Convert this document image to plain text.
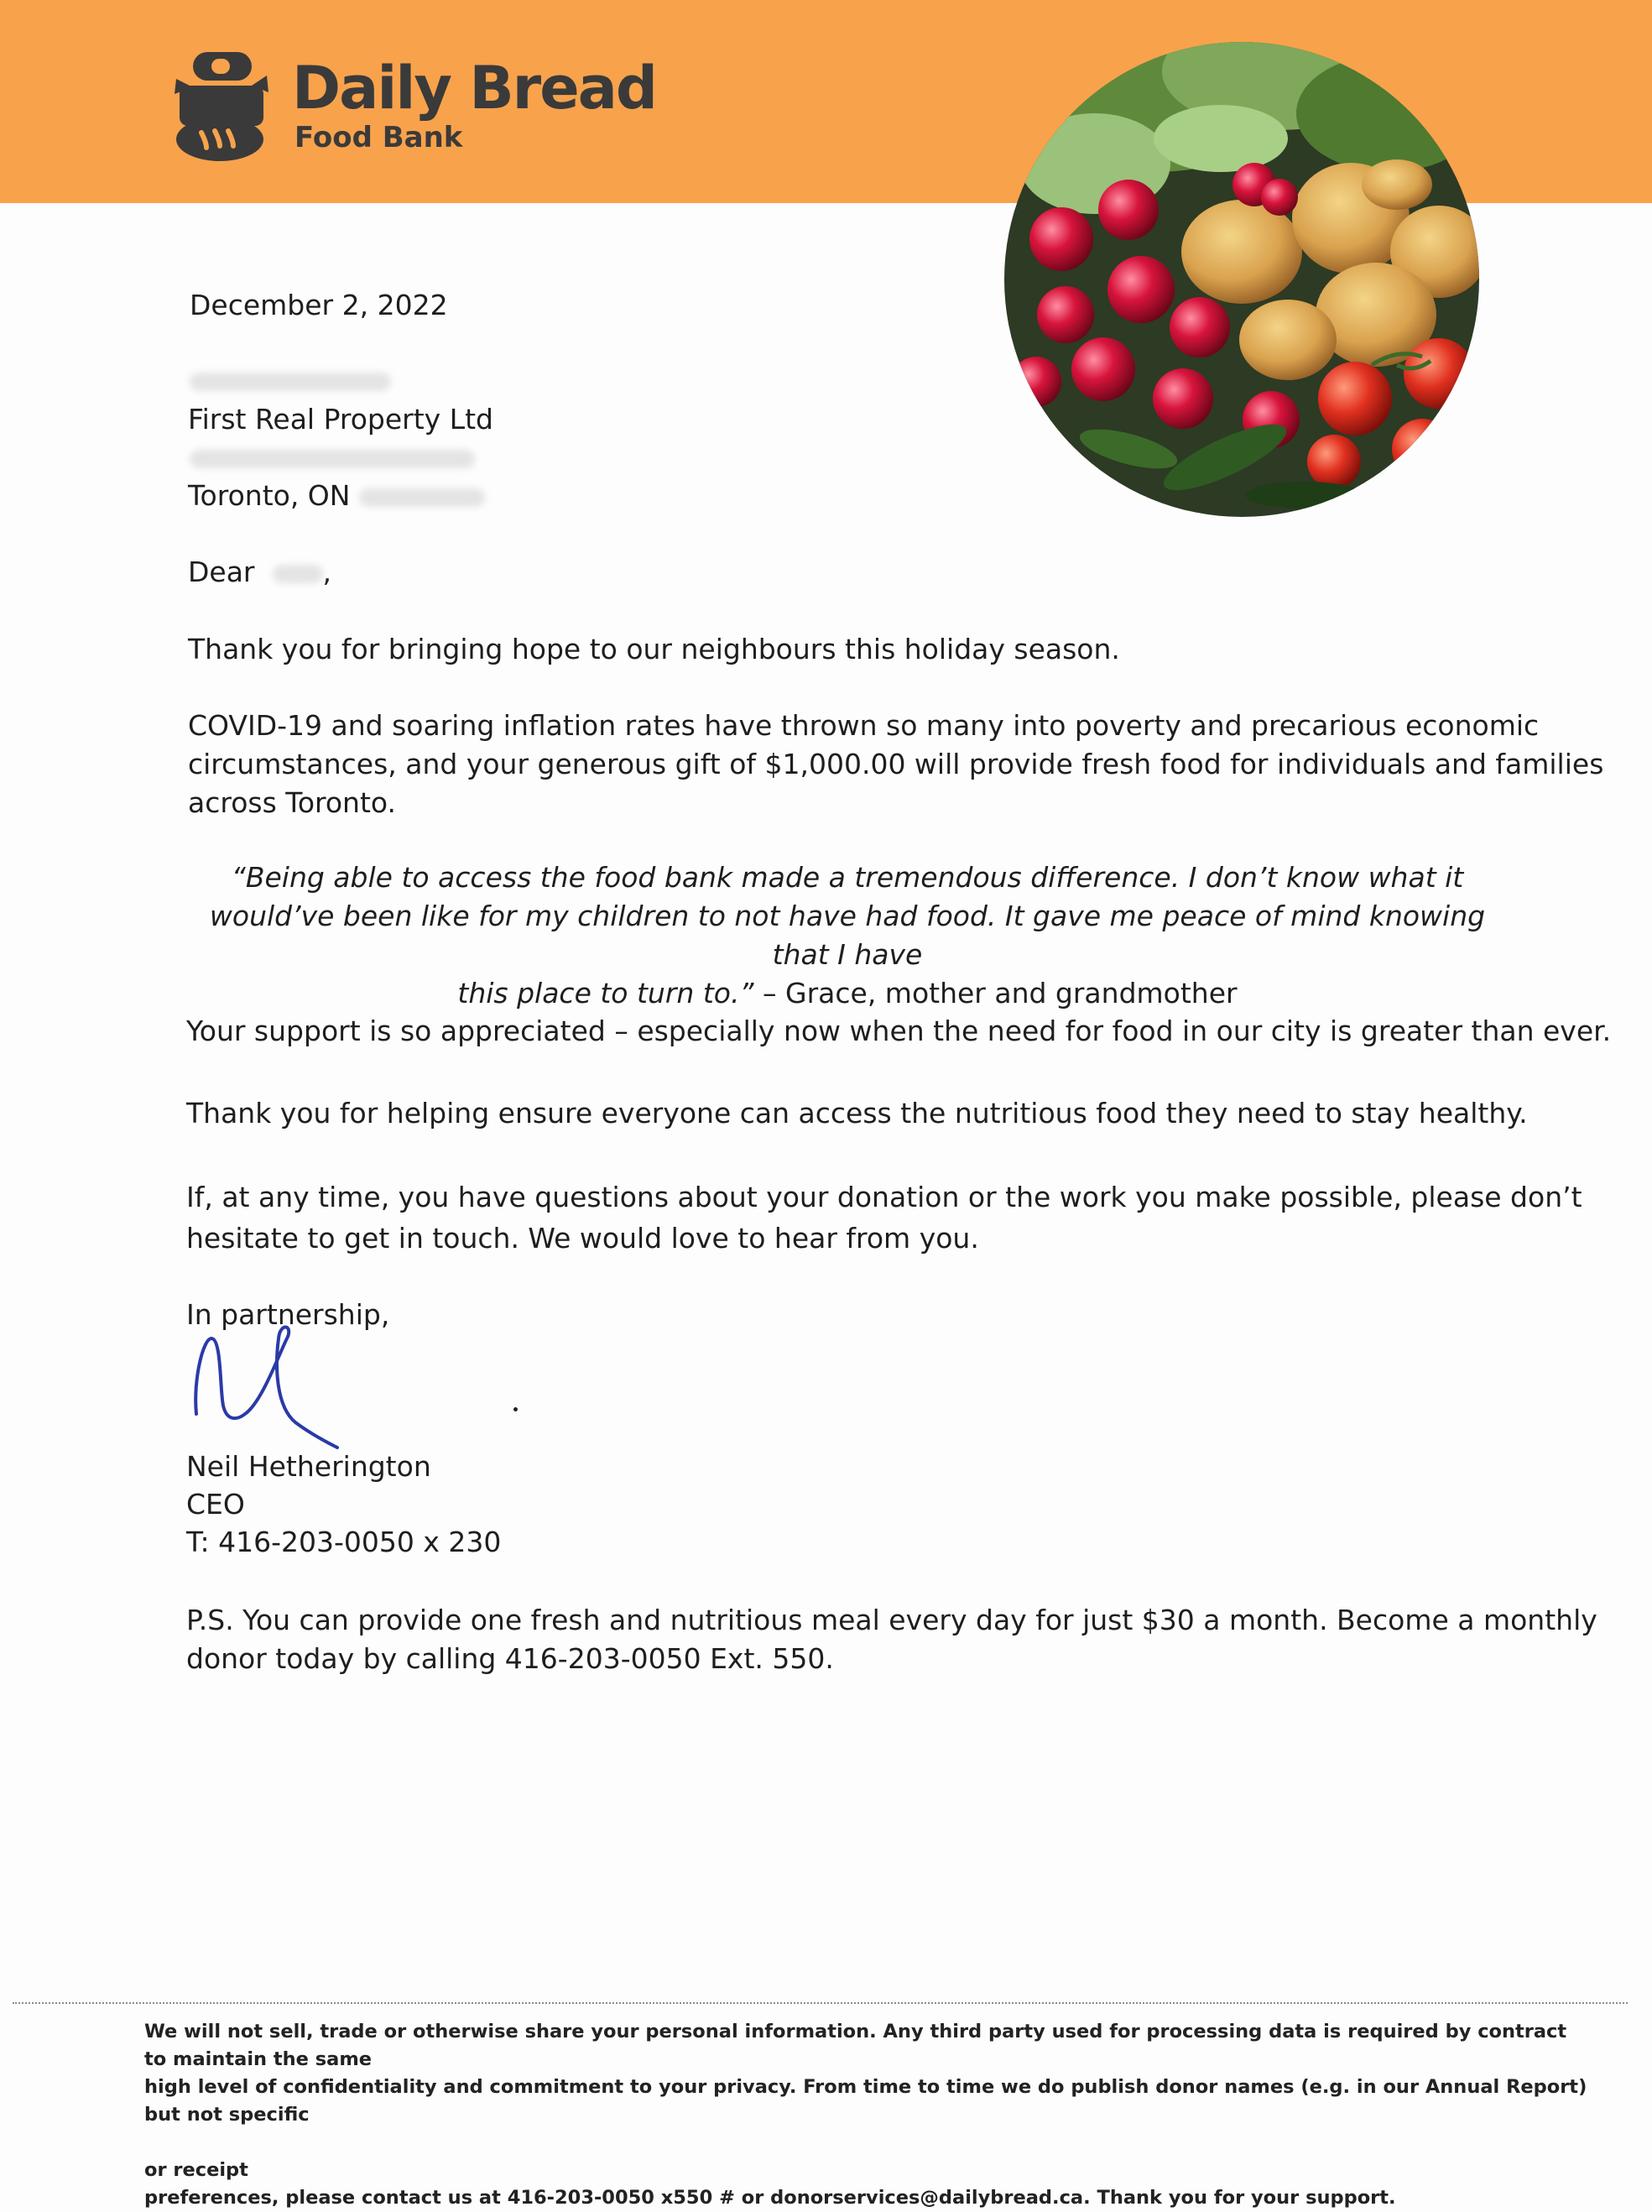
Daily Bread
Food Bank
December 2, 2022
First Real Property Ltd
Toronto, ON
Dear ,
Thank you for bringing hope to our neighbours this holiday season.
COVID-19 and soaring inflation rates have thrown so many into poverty and precarious economic
circumstances, and your generous gift of $1,000.00 will provide fresh food for individuals and families
across Toronto.
“Being able to access the food bank made a tremendous difference. I don’t know what it
would’ve been like for my children to not have had food. It gave me peace of mind knowing that I have
this place to turn to.” – Grace, mother and grandmother
Your support is so appreciated – especially now when the need for food in our city is greater than ever.
Thank you for helping ensure everyone can access the nutritious food they need to stay healthy.
If, at any time, you have questions about your donation or the work you make possible, please don’t
hesitate to get in touch. We would love to hear from you.
In partnership,
Neil Hetherington
CEO
T: 416-203-0050 x 230
P.S. You can provide one fresh and nutritious meal every day for just $30 a month. Become a monthly
donor today by calling 416-203-0050 Ext. 550.
We will not sell, trade or otherwise share your personal information. Any third party used for processing data is required by contract to maintain the same
high level of confidentiality and commitment to your privacy. From time to time we do publish donor names (e.g. in our Annual Report) but not specific
or receipt
preferences, please contact us at 416-203-0050 x550 # or donorservices@dailybread.ca. Thank you for your support.
